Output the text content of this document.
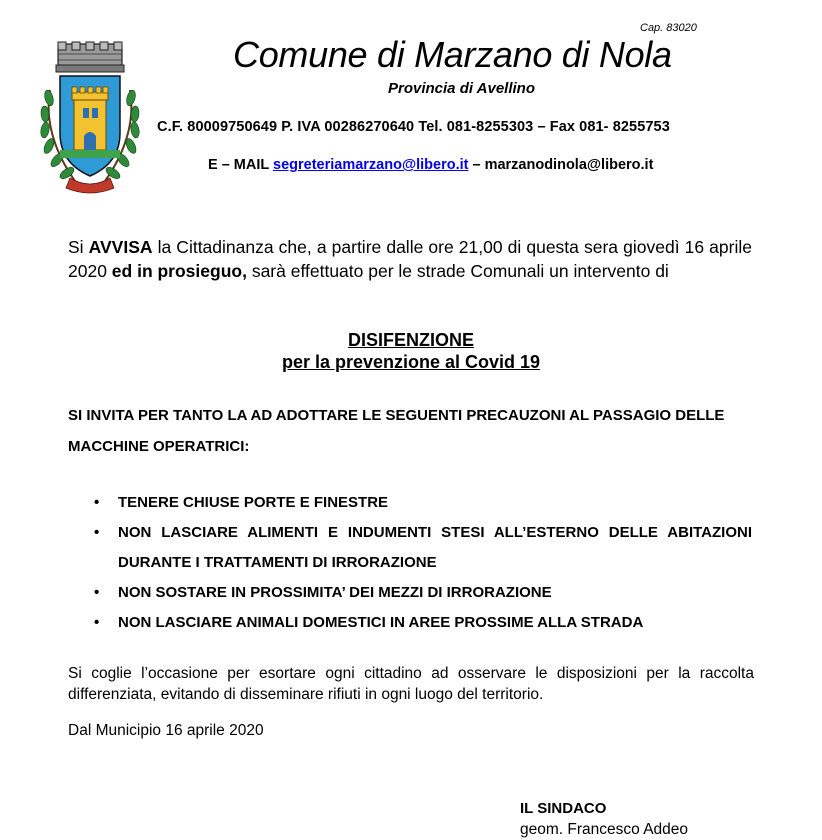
Cap. 83020
Comune di Marzano di Nola
Provincia di Avellino
C.F. 80009750649 P. IVA 00286270640 Tel. 081-8255303 – Fax 081- 8255753
E – MAIL segreteriamarzano@libero.it – marzanodinola@libero.it
Si AVVISA la Cittadinanza che, a partire dalle ore 21,00 di questa sera giovedì 16 aprile 2020 ed in prosieguo, sarà effettuato per le strade Comunali un intervento di
DISIFENZIONE
per la prevenzione al Covid 19
SI INVITA PER TANTO LA AD ADOTTARE LE SEGUENTI PRECAUZONI AL PASSAGIO DELLE MACCHINE OPERATRICI:
• TENERE CHIUSE PORTE E FINESTRE
• NON LASCIARE ALIMENTI E INDUMENTI STESI ALL’ESTERNO DELLE ABITAZIONI DURANTE I TRATTAMENTI DI IRRORAZIONE
• NON SOSTARE IN PROSSIMITA’ DEI MEZZI DI IRRORAZIONE
• NON LASCIARE ANIMALI DOMESTICI IN AREE PROSSIME ALLA STRADA
Si coglie l’occasione per esortare ogni cittadino ad osservare le disposizioni per la raccolta differenziata, evitando di disseminare rifiuti in ogni luogo del territorio.
Dal Municipio 16 aprile 2020
IL SINDACO
geom. Francesco Addeo
